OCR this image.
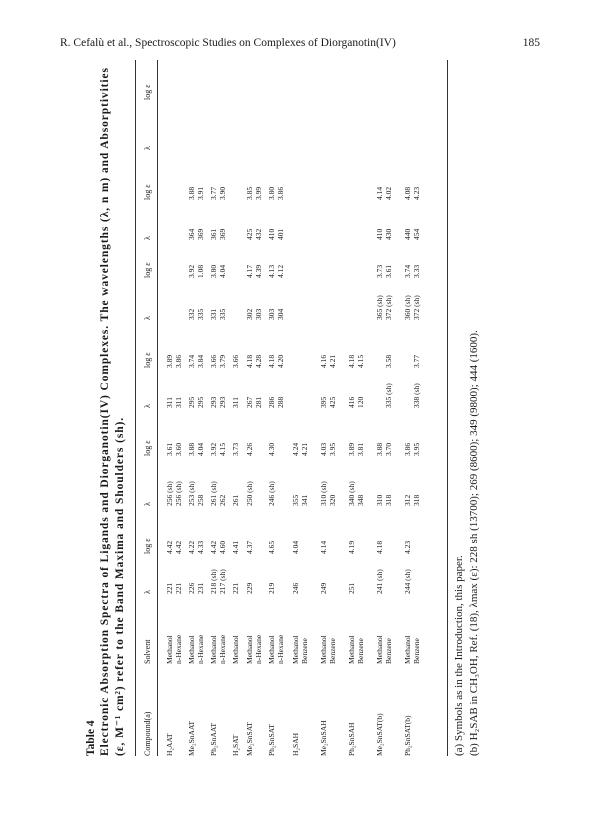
R. Cefalù et al., Spectroscopic Studies on Complexes of Diorganotin(IV)	185
Table 4 Electronic Absorption Spectra of Ligands and Diorganotin(IV) Complexes. The wavelengths (λ, n m) and Absorptivities (ε, M⁻¹ cm²) refer to the Band Maxima and Shoulders (sh). Compound(a)
Solvent
λ
log ε
λ
log ε
λ
log ε
λ
log ε
λ
log ε
λ
log ε
H₂AAT
Methanol
221
4.42
256 (sh)
3.61
311
3.89
n-Hexane
221
4.42
256 (sh)
3.60
311
3.86
Me₂SnAAT
Methanol
226
4.22
253 (sh)
3.88
295
3.74
332
3.92
364
3.88
n-Hexane
231
4.33
258
4.04
295
3.84
335
1.08
369
3.91
Ph₂SnAAT
Methanol
218 (sh)
4.42
261 (sh)
3.92
293
3.66
331
3.80
361
3.77
n-Hexane
217 (sh)
4.60
262
4.15
293
3.79
335
4.04
369
3.90
H₂SAT
Methanol
221
4.41
261
3.73
311
3.66
Me₂SnSAT
Methanol
229
4.37
250 (sh)
4.26
267
4.18
302
4.17
425
3.85
n-Hexane
281
4.28
303
4.39
432
3.99
Ph₂SnSAT
Methanol
219
4.65
246 (sh)
4.30
286
4.18
303
4.13
410
3.80
n-Hexane
288
4.20
304
4.12
401
3.86
H₂SAH
Methanol
246
4.04
355
4.24
Benzene
341
4.21
Me₂SnSAH
Methanol
249
4.14
310 (sh)
4.03
395
4.16
Benzene
320
3.95
425
4.21
Ph₂SnSAH
Methanol
251
4.19
340 (sh)
3.89
416
4.18
Benzene
348
3.81
120
4.15
Me₂SnSAT(b)
Methanol
241 (sh)
4.18
310
3.88
365 (sh)
3.73
410
4.14
Benzene
318
3.70
335 (sh)
3.58
372 (sh)
3.61
430
4.02
Ph₂SnSAT(b)
Methanol
244 (sh)
4.23
312
3.86
360 (sh)
3.74
440
4.08
Benzene
318
3.95
338 (sh)
3.77
372 (sh)
3.33
454
4.23
(a) Symbols as in the Introduction, this paper. (b) H₂SAB in CH₃OH, Ref. (18), λmax (ε): 228 sh (13700); 269 (8600); 349 (9800); 444 (1600).
